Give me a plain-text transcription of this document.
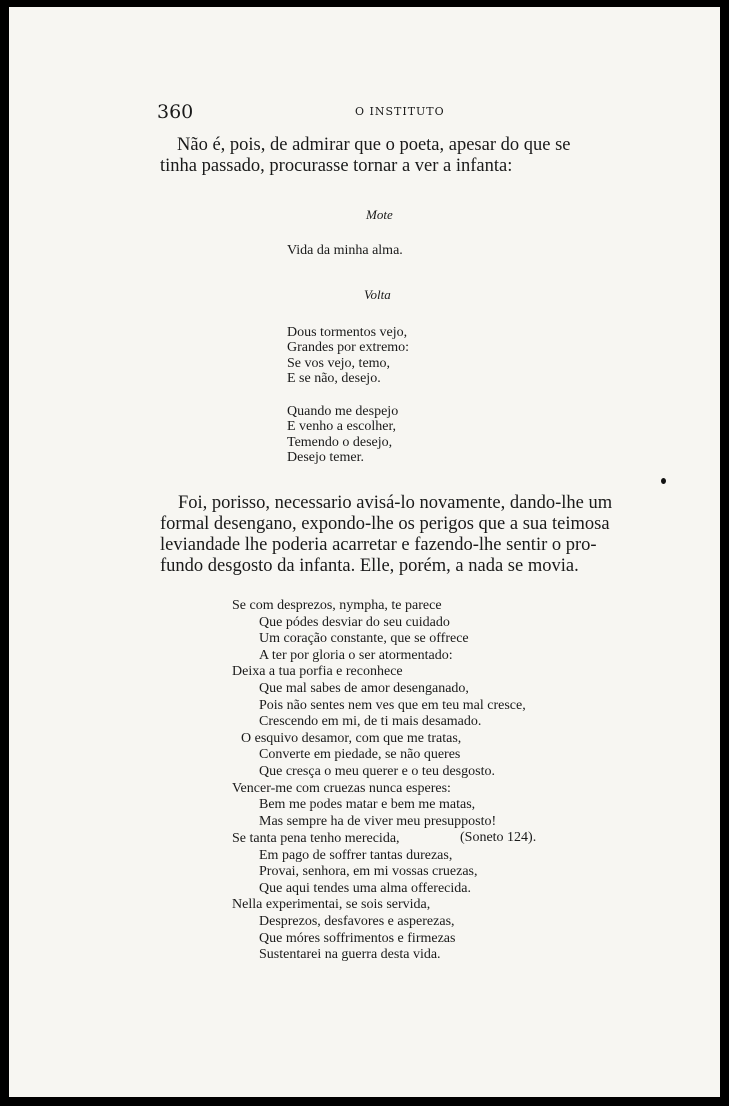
360	O INSTITUTO
Não é, pois, de admirar que o poeta, apesar do que se
tinha passado, procurasse tornar a ver a infanta:
Mote
Vida da minha alma.
Volta
Dous tormentos vejo,
Grandes por extremo:
Se vos vejo, temo,
E se não, desejo.
Quando me despejo
E venho a escolher,
Temendo o desejo,
Desejo temer.
Foi, porisso, necessario avisá-lo novamente, dando-lhe um
formal desengano, expondo-lhe os perigos que a sua teimosa
leviandade lhe poderia acarretar e fazendo-lhe sentir o pro-
fundo desgosto da infanta. Elle, porém, a nada se movia.
Se com desprezos, nympha, te parece
Que pódes desviar do seu cuidado
Um coração constante, que se offrece
A ter por gloria o ser atormentado:
Deixa a tua porfia e reconhece
Que mal sabes de amor desenganado,
Pois não sentes nem ves que em teu mal cresce,
Crescendo em mi, de ti mais desamado.
O esquivo desamor, com que me tratas,
Converte em piedade, se não queres
Que cresça o meu querer e o teu desgosto.
Vencer-me com cruezas nunca esperes:
Bem me podes matar e bem me matas,
Mas sempre ha de viver meu presupposto!
(Soneto 124).
Se tanta pena tenho merecida,
Em pago de soffrer tantas durezas,
Provai, senhora, em mi vossas cruezas,
Que aqui tendes uma alma offerecida.
Nella experimentai, se sois servida,
Desprezos, desfavores e asperezas,
Que móres soffrimentos e firmezas
Sustentarei na guerra desta vida.
